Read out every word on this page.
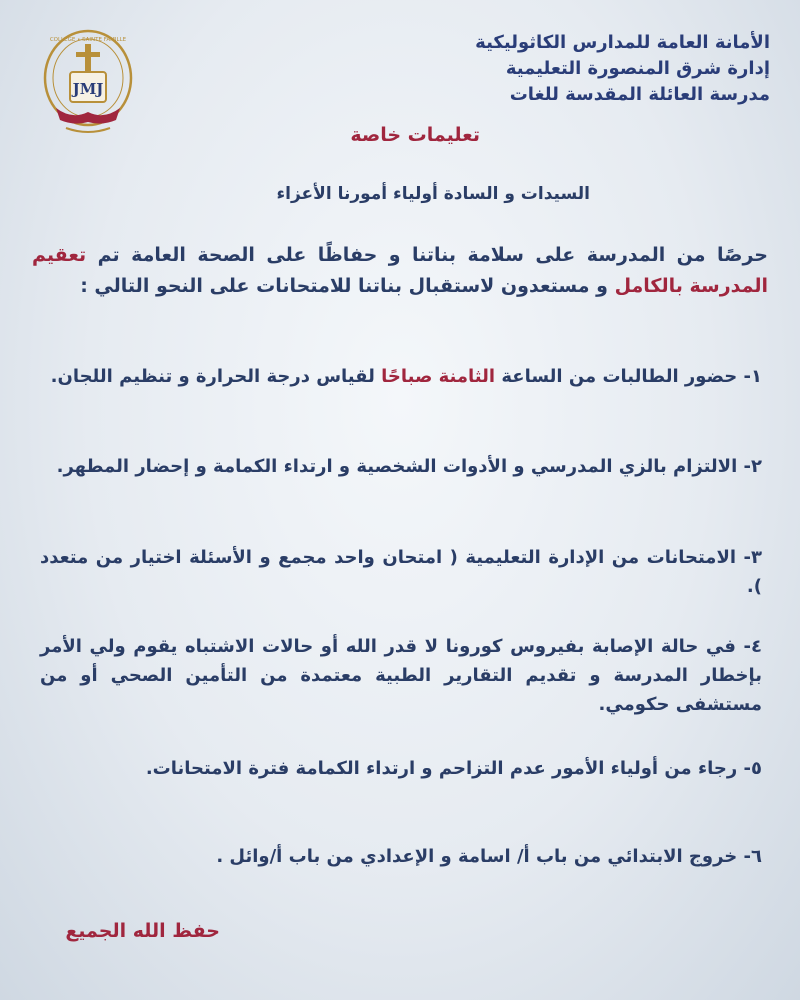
COLLEGE • SAINTE FAMILLE
JMJ
الأمانة العامة للمدارس الكاثوليكية
إدارة شرق المنصورة التعليمية
مدرسة العائلة المقدسة للغات
تعليمات خاصة
السيدات و السادة أولياء أمورنا الأعزاء
حرصًا من المدرسة على سلامة بناتنا و حفاظًا على الصحة العامة تم تعقيم المدرسة بالكامل و مستعدون لاستقبال بناتنا للامتحانات على النحو التالي :
١- حضور الطالبات من الساعة الثامنة صباحًا لقياس درجة الحرارة و تنظيم اللجان.
٢- الالتزام بالزي المدرسي و الأدوات الشخصية و ارتداء الكمامة و إحضار المطهر.
٣- الامتحانات من الإدارة التعليمية ( امتحان واحد مجمع و الأسئلة اختيار من متعدد ).
٤- في حالة الإصابة بفيروس كورونا لا قدر الله أو حالات الاشتباه يقوم ولي الأمر بإخطار المدرسة و تقديم التقارير الطبية معتمدة من التأمين الصحي أو من مستشفى حكومي.
٥- رجاء من أولياء الأمور عدم التزاحم و ارتداء الكمامة فترة الامتحانات.
٦- خروج الابتدائي من باب أ/ اسامة و الإعدادي من باب أ/وائل .
حفظ الله الجميع
